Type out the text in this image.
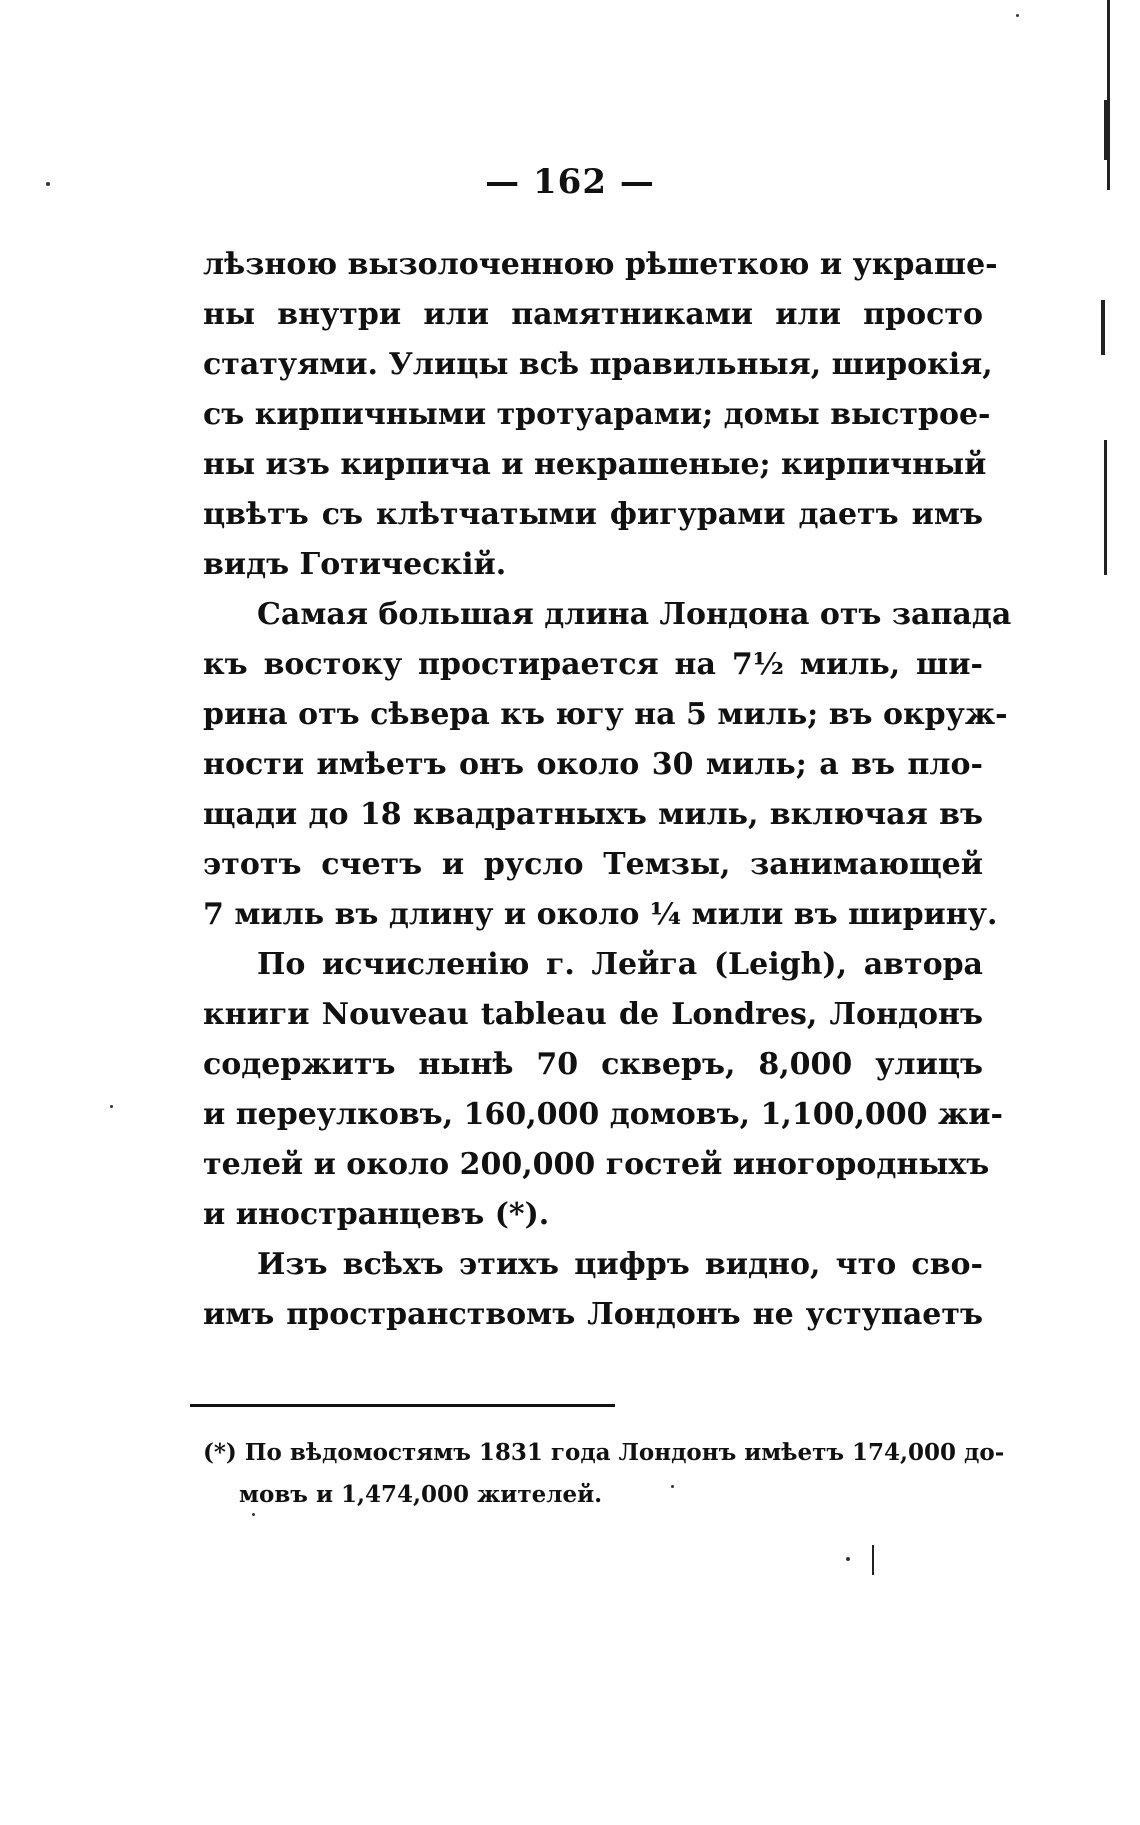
— 162 —
лѣзною вызолоченною рѣшеткою и украше-
ны внутри или памятниками или просто
статуями. Улицы всѣ правильныя, широкія,
съ кирпичными тротуарами; домы выстрое-
ны изъ кирпича и некрашеные; кирпичный
цвѣтъ съ клѣтчатыми фигурами даетъ имъ
видъ Готическій.
Самая большая длина Лондона отъ запада
къ востоку простирается на 7½ миль, ши-
рина отъ сѣвера къ югу на 5 миль; въ окруж-
ности имѣетъ онъ около 30 миль; а въ пло-
щади до 18 квадратныхъ миль, включая въ
этотъ счетъ и русло Темзы, занимающей
7 миль въ длину и около ¼ мили въ ширину.
По исчисленію г. Лейга (Leigh), автора
книги Nouveau tableau de Londres, Лондонъ
содержитъ нынѣ 70 скверъ, 8,000 улицъ
и переулковъ, 160,000 домовъ, 1,100,000 жи-
телей и около 200,000 гостей иногородныхъ
и иностранцевъ (*).
Изъ всѣхъ этихъ цифръ видно, что сво-
имъ пространствомъ Лондонъ не уступаетъ
(*) По вѣдомостямъ 1831 года Лондонъ имѣетъ 174,000 до-
мовъ и 1,474,000 жителей.
